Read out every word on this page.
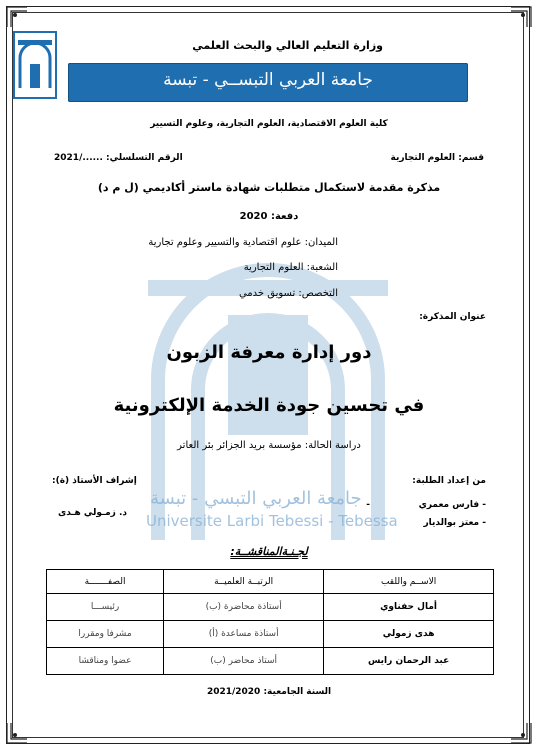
جامعة العربي التبسي - تبسة
Universite Larbi Tebessi - Tebessa
وزارة التعليم العالي والبحث العلمي
جامعة العربي التبســي - تبسة
كلية العلوم الاقتصادية، العلوم التجارية، وعلوم التسيير
قسم: العلوم التجارية
الرقم التسلسلي: ....../2021
مذكرة مقدمة لاستكمال متطلبات شهادة ماستر أكاديمي (ل م د)
دفعة: 2020
الميدان: علوم اقتصادية والتسيير وعلوم تجارية
الشعبة: العلوم التجارية
التخصص: تسويق خدمي
عنوان المذكرة:
دور إدارة معرفة الزبون
في تحسين جودة الخدمة الإلكترونية
دراسة الحالة: مؤسسة بريد الجزائر بئر العاتر
من إعداد الطلبة:
إشراف الأستاذ (ة):
- فارس معمري
-
- معتز بوالديار
د. زمـولي هـدى
لجـنـةالمناقشــة:
الاســم واللقب	الرتبــة العلميــة	الصفـــــــة
أمال حفناوي	أستاذة محاضرة (ب)	رئيســـا
هدى زمولي	أستاذة مساعدة (أ)	مشرفا ومقررا
عبد الرحمان رايس	أستاذ محاضر (ب)	عضوا ومناقشا
السنة الجامعية: 2021/2020
